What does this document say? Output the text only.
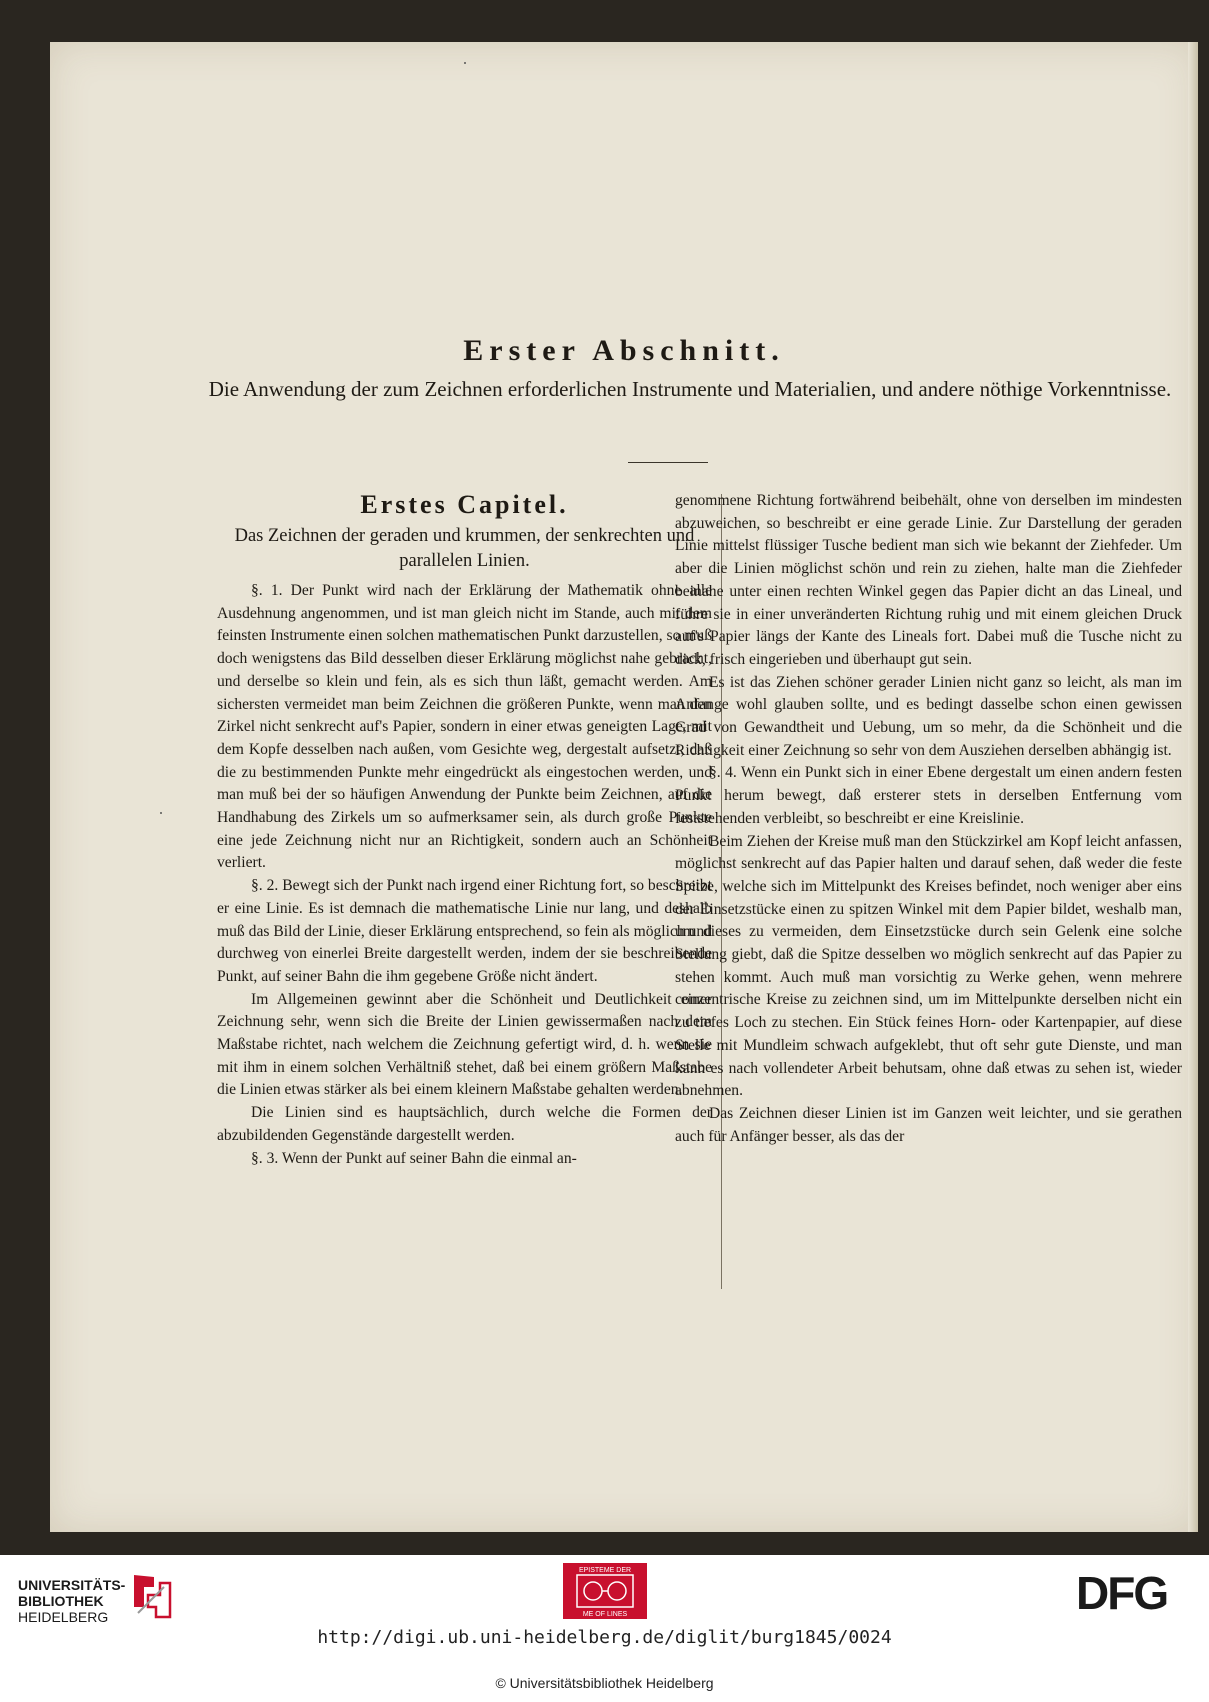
Erster Abschnitt.
Die Anwendung der zum Zeichnen erforderlichen Instrumente und Materialien, und andere nöthige Vorkenntnisse.
Erstes Capitel.
Das Zeichnen der geraden und krummen, der senkrechten und parallelen Linien.

§. 1. Der Punkt wird nach der Erklärung der Mathematik ohne alle Ausdehnung angenommen, und ist man gleich nicht im Stande, auch mit dem feinsten Instrumente einen solchen mathematischen Punkt darzustellen, so muß doch wenigstens das Bild desselben dieser Erklärung möglichst nahe gebracht, und derselbe so klein und fein, als es sich thun läßt, gemacht werden. Am sichersten vermeidet man beim Zeichnen die größeren Punkte, wenn man den Zirkel nicht senkrecht auf's Papier, sondern in einer etwas geneigten Lage, mit dem Kopfe desselben nach außen, vom Gesichte weg, dergestalt aufsetzt, daß die zu bestimmenden Punkte mehr eingedrückt als eingestochen werden, und man muß bei der so häufigen Anwendung der Punkte beim Zeichnen, auf die Handhabung des Zirkels um so aufmerksamer sein, als durch große Punkte eine jede Zeichnung nicht nur an Richtigkeit, sondern auch an Schönheit verliert.

§. 2. Bewegt sich der Punkt nach irgend einer Richtung fort, so beschreibt er eine Linie. Es ist demnach die mathematische Linie nur lang, und deshalb muß das Bild der Linie, dieser Erklärung entsprechend, so fein als möglich und durchweg von einerlei Breite dargestellt werden, indem der sie beschreibende Punkt, auf seiner Bahn die ihm gegebene Größe nicht ändert.

Im Allgemeinen gewinnt aber die Schönheit und Deutlichkeit einer Zeichnung sehr, wenn sich die Breite der Linien gewissermaßen nach dem Maßstabe richtet, nach welchem die Zeichnung gefertigt wird, d. h. wenn sie mit ihm in einem solchen Verhältniß stehet, daß bei einem größern Maßstabe die Linien etwas stärker als bei einem kleinern Maßstabe gehalten werden.

Die Linien sind es hauptsächlich, durch welche die Formen der abzubildenden Gegenstände dargestellt werden.

§. 3. Wenn der Punkt auf seiner Bahn die einmal an-

genommene Richtung fortwährend beibehält, ohne von derselben im mindesten abzuweichen, so beschreibt er eine gerade Linie. Zur Darstellung der geraden Linie mittelst flüssiger Tusche bedient man sich wie bekannt der Ziehfeder. Um aber die Linien möglichst schön und rein zu ziehen, halte man die Ziehfeder beinahe unter einen rechten Winkel gegen das Papier dicht an das Lineal, und führe sie in einer unveränderten Richtung ruhig und mit einem gleichen Druck auf's Papier längs der Kante des Lineals fort. Dabei muß die Tusche nicht zu dick, frisch eingerieben und überhaupt gut sein.

Es ist das Ziehen schöner gerader Linien nicht ganz so leicht, als man im Anfange wohl glauben sollte, und es bedingt dasselbe schon einen gewissen Grad von Gewandtheit und Uebung, um so mehr, da die Schönheit und die Richtigkeit einer Zeichnung so sehr von dem Ausziehen derselben abhängig ist.

§. 4. Wenn ein Punkt sich in einer Ebene dergestalt um einen andern festen Punkt herum bewegt, daß ersterer stets in derselben Entfernung vom feststehenden verbleibt, so beschreibt er eine Kreislinie.

Beim Ziehen der Kreise muß man den Stückzirkel am Kopf leicht anfassen, möglichst senkrecht auf das Papier halten und darauf sehen, daß weder die feste Spitze, welche sich im Mittelpunkt des Kreises befindet, noch weniger aber eins der Einsetzstücke einen zu spitzen Winkel mit dem Papier bildet, weshalb man, um dieses zu vermeiden, dem Einsetzstücke durch sein Gelenk eine solche Stellung giebt, daß die Spitze desselben wo möglich senkrecht auf das Papier zu stehen kommt. Auch muß man vorsichtig zu Werke gehen, wenn mehrere conzentrische Kreise zu zeichnen sind, um im Mittelpunkte derselben nicht ein zu tiefes Loch zu stechen. Ein Stück feines Horn- oder Kartenpapier, auf diese Stelle mit Mundleim schwach aufgeklebt, thut oft sehr gute Dienste, und man kann es nach vollendeter Arbeit behutsam, ohne daß etwas zu sehen ist, wieder abnehmen.

Das Zeichnen dieser Linien ist im Ganzen weit leichter, und sie gerathen auch für Anfänger besser, als das der

UNIVERSITÄTS-
BIBLIOTHEK
HEIDELBERG
EPISTEME DER
ME OF LINES	DFG
http://digi.ub.uni-heidelberg.de/diglit/burg1845/0024
© Universitätsbibliothek Heidelberg
